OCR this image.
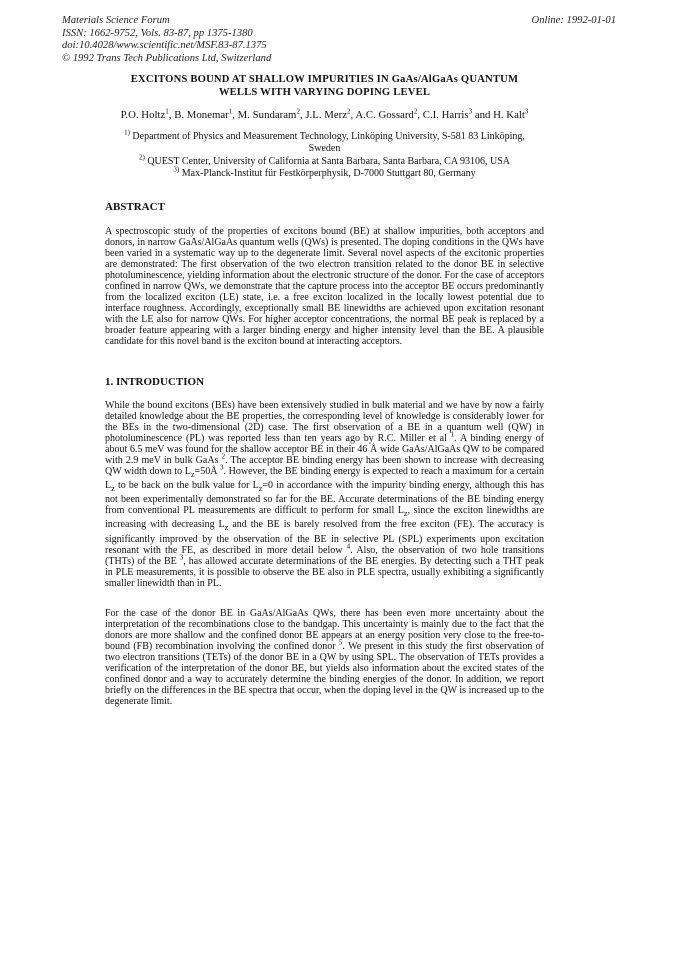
Materials Science Forum
ISSN: 1662-9752, Vols. 83-87, pp 1375-1380
doi:10.4028/www.scientific.net/MSF.83-87.1375
© 1992 Trans Tech Publications Ltd, Switzerland
Online: 1992-01-01
EXCITONS BOUND AT SHALLOW IMPURITIES IN GaAs/AlGaAs QUANTUM
WELLS WITH VARYING DOPING LEVEL
P.O. Holtz$^1$, B. Monemar$^1$, M. Sundaram$^2$, J.L. Merz$^2$, A.C. Gossard$^2$, C.I. Harris$^3$ and H. Kalt$^3$
$^{1)}$ Department of Physics and Measurement Technology, Linköping University, S-581 83 Linköping,
Sweden
$^{2)}$ QUEST Center, University of California at Santa Barbara, Santa Barbara, CA 93106, USA
$^{3)}$ Max-Planck-Institut für Festkörperphysik, D-7000 Stuttgart 80, Germany
ABSTRACT
A spectroscopic study of the properties of excitons bound (BE) at shallow impurities, both acceptors and donors, in narrow GaAs/AlGaAs quantum wells (QWs) is presented. The doping conditions in the QWs have been varied in a systematic way up to the degenerate limit. Several novel aspects of the excitonic properties are demonstrated: The first observation of the two electron transition related to the donor BE in selective photoluminescence, yielding information about the electronic structure of the donor. For the case of acceptors confined in narrow QWs, we demonstrate that the capture process into the acceptor BE occurs predominantly from the localized exciton (LE) state, i.e. a free exciton localized in the locally lowest potential due to interface roughness. Accordingly, exceptionally small BE linewidths are achieved upon excitation resonant with the LE also for narrow QWs. For higher acceptor concentrations, the normal BE peak is replaced by a broader feature appearing with a larger binding energy and higher intensity level than the BE. A plausible candidate for this novel band is the exciton bound at interacting acceptors.
1. INTRODUCTION
While the bound excitons (BEs) have been extensively studied in bulk material and we have by now a fairly detailed knowledge about the BE properties, the corresponding level of knowledge is considerably lower for the BEs in the two-dimensional (2D) case. The first observation of a BE in a quantum well (QW) in photoluminescence (PL) was reported less than ten years ago by R.C. Miller et al $^1$. A binding energy of about 6.5 meV was found for the shallow acceptor BE in their 46 Å wide GaAs/AlGaAs QW to be compared with 2.9 meV in bulk GaAs $^2$. The acceptor BE binding energy has been shown to increase with decreasing QW width down to $L_z=50Å$ $^3$. However, the BE binding energy is expected to reach a maximum for a certain $L_z$ to be back on the bulk value for $L_z=0$ in accordance with the impurity binding energy, although this has not been experimentally demonstrated so far for the BE. Accurate determinations of the BE binding energy from conventional PL measurements are difficult to perform for small $L_z$, since the exciton linewidths are increasing with decreasing $L_z$ and the BE is barely resolved from the free exciton (FE). The accuracy is significantly improved by the observation of the BE in selective PL (SPL) experiments upon excitation resonant with the FE, as described in more detail below $^4$. Also, the observation of two hole transitions (THTs) of the BE $^3$, has allowed accurate determinations of the BE energies. By detecting such a THT peak in PLE measurements, it is possible to observe the BE also in PLE spectra, usually exhibiting a significantly smaller linewidth than in PL.
For the case of the donor BE in GaAs/AlGaAs QWs, there has been even more uncertainty about the interpretation of the recombinations close to the bandgap. This uncertainty is mainly due to the fact that the donors are more shallow and the confined donor BE appears at an energy position very close to the free-to-bound (FB) recombination involving the confined donor $^5$. We present in this study the first observation of two electron transitions (TETs) of the donor BE in a QW by using SPL. The observation of TETs provides a verification of the interpretation of the donor BE, but yields also information about the excited states of the confined donor and a way to accurately determine the binding energies of the donor. In addition, we report briefly on the differences in the BE spectra that occur, when the doping level in the QW is increased up to the degenerate limit.
